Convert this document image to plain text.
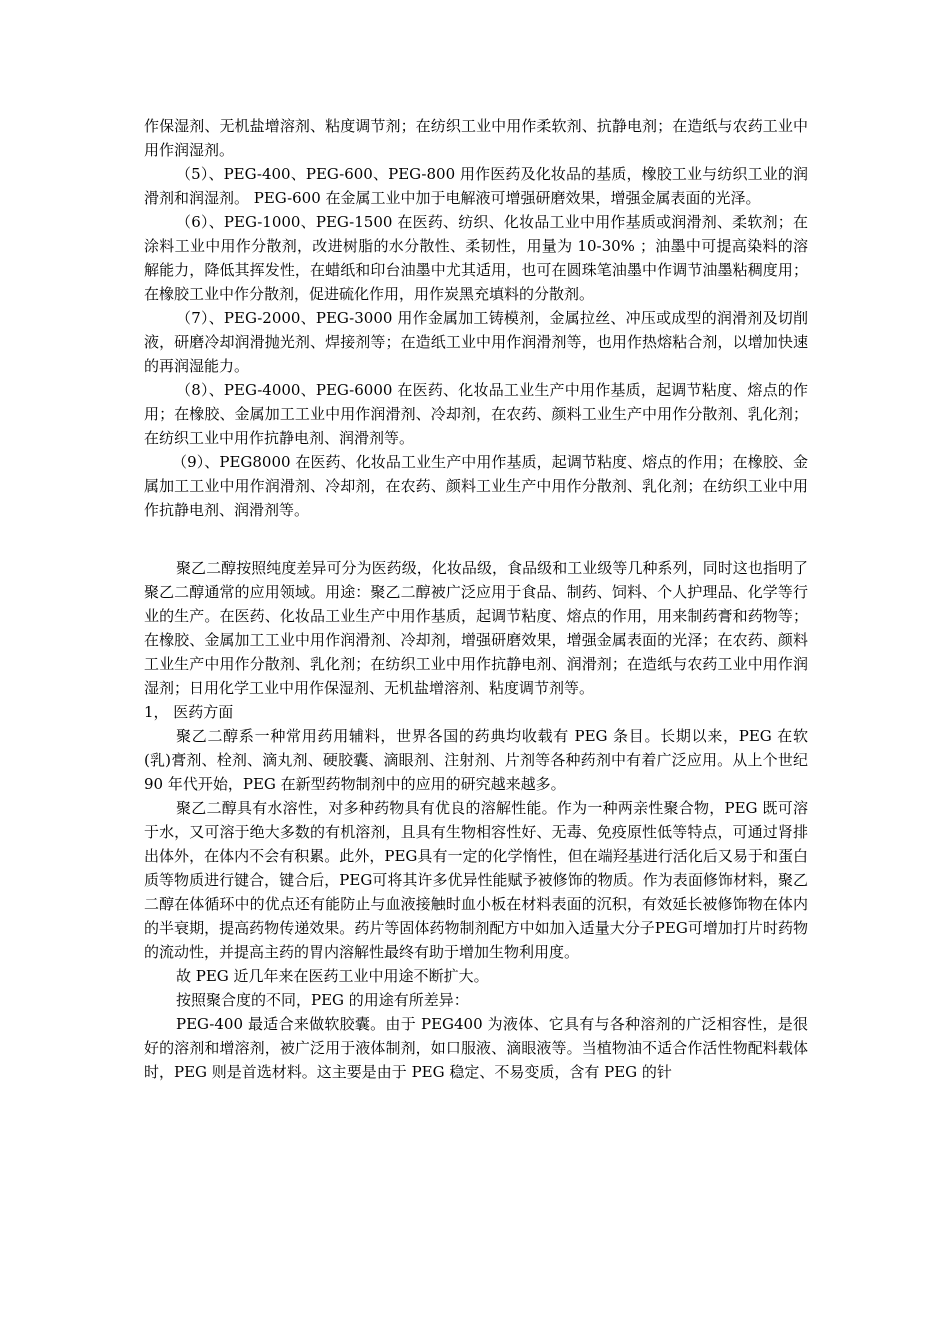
作保湿剂、无机盐增溶剂、粘度调节剂；在纺织工业中用作柔软剂、抗静电剂；在造纸与农药工业中用作润湿剂。

（5）、PEG-400、PEG-600、PEG-800 用作医药及化妆品的基质，橡胶工业与纺织工业的润滑剂和润湿剂。 PEG-600 在金属工业中加于电解液可增强研磨效果，增强金属表面的光泽。

（6）、PEG-1000、PEG-1500 在医药、纺织、化妆品工业中用作基质或润滑剂、柔软剂；在涂料工业中用作分散剂，改进树脂的水分散性、柔韧性，用量为 10-30% ；油墨中可提高染料的溶解能力，降低其挥发性，在蜡纸和印台油墨中尤其适用，也可在圆珠笔油墨中作调节油墨粘稠度用；在橡胶工业中作分散剂，促进硫化作用，用作炭黑充填料的分散剂。

（7）、PEG-2000、PEG-3000 用作金属加工铸模剂，金属拉丝、冲压或成型的润滑剂及切削液，研磨冷却润滑抛光剂、焊接剂等；在造纸工业中用作润滑剂等，也用作热熔粘合剂，以增加快速的再润湿能力。

（8）、PEG-4000、PEG-6000 在医药、化妆品工业生产中用作基质，起调节粘度、熔点的作用；在橡胶、金属加工工业中用作润滑剂、冷却剂，在农药、颜料工业生产中用作分散剂、乳化剂；在纺织工业中用作抗静电剂、润滑剂等。

（9）、PEG8000 在医药、化妆品工业生产中用作基质，起调节粘度、熔点的作用；在橡胶、金属加工工业中用作润滑剂、冷却剂，在农药、颜料工业生产中用作分散剂、乳化剂；在纺织工业中用作抗静电剂、润滑剂等。

聚乙二醇按照纯度差异可分为医药级，化妆品级，食品级和工业级等几种系列，同时这也指明了聚乙二醇通常的应用领域。用途：聚乙二醇被广泛应用于食品、制药、饲料、个人护理品、化学等行业的生产。在医药、化妆品工业生产中用作基质，起调节粘度、熔点的作用，用来制药膏和药物等；在橡胶、金属加工工业中用作润滑剂、冷却剂，增强研磨效果，增强金属表面的光泽；在农药、颜料工业生产中用作分散剂、乳化剂；在纺织工业中用作抗静电剂、润滑剂；在造纸与农药工业中用作润湿剂；日用化学工业中用作保湿剂、无机盐增溶剂、粘度调节剂等。

1， 医药方面

聚乙二醇系一种常用药用辅料，世界各国的药典均收载有 PEG 条目。长期以来，PEG 在软(乳)膏剂、栓剂、滴丸剂、硬胶囊、滴眼剂、注射剂、片剂等各种药剂中有着广泛应用。从上个世纪 90 年代开始，PEG 在新型药物制剂中的应用的研究越来越多。

聚乙二醇具有水溶性，对多种药物具有优良的溶解性能。作为一种两亲性聚合物，PEG 既可溶于水，又可溶于绝大多数的有机溶剂，且具有生物相容性好、无毒、免疫原性低等特点，可通过肾排出体外，在体内不会有积累。此外，PEG具有一定的化学惰性，但在端羟基进行活化后又易于和蛋白质等物质进行键合，键合后，PEG可将其许多优异性能赋予被修饰的物质。作为表面修饰材料，聚乙二醇在体循环中的优点还有能防止与血液接触时血小板在材料表面的沉积，有效延长被修饰物在体内的半衰期，提高药物传递效果。药片等固体药物制剂配方中如加入适量大分子PEG可增加打片时药物的流动性，并提高主药的胃内溶解性最终有助于增加生物利用度。

故 PEG 近几年来在医药工业中用途不断扩大。

按照聚合度的不同，PEG 的用途有所差异：

PEG-400 最适合来做软胶囊。由于 PEG400 为液体、它具有与各种溶剂的广泛相容性，是很好的溶剂和增溶剂，被广泛用于液体制剂，如口服液、滴眼液等。当植物油不适合作活性物配料载体时，PEG 则是首选材料。这主要是由于 PEG 稳定、不易变质，含有 PEG 的针
